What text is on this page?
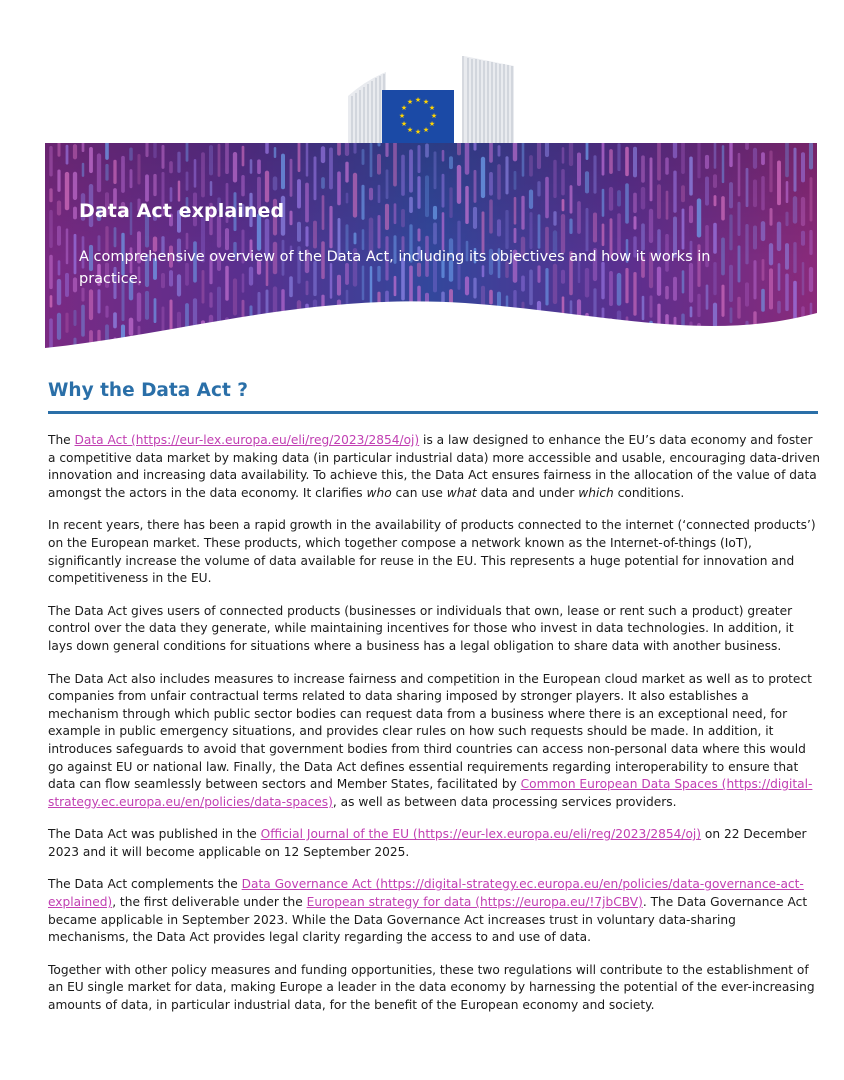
★ ★
★
★
★
★
★
★
★
★
★
★
Data Act explained

A comprehensive overview of the Data Act, including its objectives and how it works in practice.

Why the Data Act ?

The Data Act (https://eur-lex.europa.eu/eli/reg/2023/2854/oj) is a law designed to enhance the EU’s data economy and foster a competitive data market by making data (in particular industrial data) more accessible and usable, encouraging data-driven innovation and increasing data availability. To achieve this, the Data Act ensures fairness in the allocation of the value of data amongst the actors in the data economy. It clarifies who can use what data and under which conditions.

In recent years, there has been a rapid growth in the availability of products connected to the internet (‘connected products’) on the European market. These products, which together compose a network known as the Internet-of-things (IoT), significantly increase the volume of data available for reuse in the EU. This represents a huge potential for innovation and competitiveness in the EU.

The Data Act gives users of connected products (businesses or individuals that own, lease or rent such a product) greater control over the data they generate, while maintaining incentives for those who invest in data technologies. In addition, it lays down general conditions for situations where a business has a legal obligation to share data with another business.

The Data Act also includes measures to increase fairness and competition in the European cloud market as well as to protect companies from unfair contractual terms related to data sharing imposed by stronger players. It also establishes a mechanism through which public sector bodies can request data from a business where there is an exceptional need, for example in public emergency situations, and provides clear rules on how such requests should be made. In addition, it introduces safeguards to avoid that government bodies from third countries can access non-personal data where this would go against EU or national law. Finally, the Data Act defines essential requirements regarding interoperability to ensure that data can flow seamlessly between sectors and Member States, facilitated by Common European Data Spaces (https://digital-strategy.ec.europa.eu/en/policies/data-spaces), as well as between data processing services providers.

The Data Act was published in the Official Journal of the EU (https://eur-lex.europa.eu/eli/reg/2023/2854/oj) on 22 December 2023 and it will become applicable on 12 September 2025.

The Data Act complements the Data Governance Act (https://digital-strategy.ec.europa.eu/en/policies/data-governance-act-explained), the first deliverable under the European strategy for data (https://europa.eu/!7jbCBV). The Data Governance Act became applicable in September 2023. While the Data Governance Act increases trust in voluntary data-sharing mechanisms, the Data Act provides legal clarity regarding the access to and use of data.

Together with other policy measures and funding opportunities, these two regulations will contribute to the establishment of an EU single market for data, making Europe a leader in the data economy by harnessing the potential of the ever-increasing amounts of data, in particular industrial data, for the benefit of the European economy and society.
